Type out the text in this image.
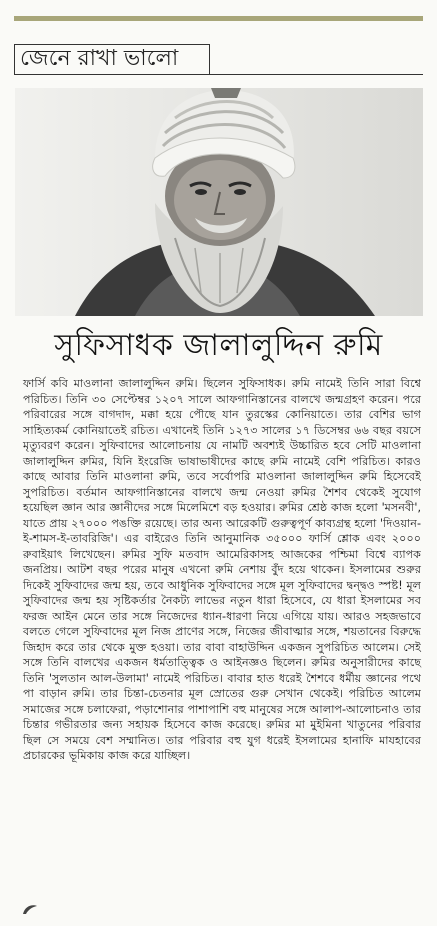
জেনে রাখা ভালো
সুফিসাধক জালালুদ্দিন রুমি

ফার্সি কবি মাওলানা জালালুদ্দিন রুমি। ছিলেন সুফিসাধক। রুমি নামেই তিনি সারা বিশ্বে পরিচিত। তিনি ৩০ সেপ্টেম্বর ১২০৭ সালে আফগানিস্তানের বালখে জন্মগ্রহণ করেন। পরে পরিবারের সঙ্গে বাগদাদ, মক্কা হয়ে পৌছে যান তুরস্কের কোনিয়াতে। তার বেশির ভাগ সাহিত্যকর্ম কোনিয়াতেই রচিত। এখানেই তিনি ১২৭৩ সালের ১৭ ডিসেম্বর ৬৬ বছর বয়সে মৃত্যুবরণ করেন। সুফিবাদের আলোচনায় যে নামটি অবশ্যই উচ্চারিত হবে সেটি মাওলানা জালালুদ্দিন রুমির, যিনি ইংরেজি ভাষাভাষীদের কাছে রুমি নামেই বেশি পরিচিত। কারও কাছে আবার তিনি মাওলানা রুমি, তবে সর্বোপরি মাওলানা জালালুদ্দিন রুমি হিসেবেই সুপরিচিত। বর্তমান আফগানিস্তানের বালখে জন্ম নেওয়া রুমির শৈশব থেকেই সুযোগ হয়েছিল জ্ঞান আর জ্ঞানীদের সঙ্গে মিলেমিশে বড় হওয়ার। রুমির শ্রেষ্ঠ কাজ হলো 'মসনবী', যাতে প্রায় ২৭০০০ পঙক্তি রয়েছে। তার অন্য আরেকটি গুরুত্বপূর্ণ কাব্যগ্রন্থ হলো 'দিওয়ান-ই-শামস-ই-তাবরিজি'। এর বাইরেও তিনি আনুমানিক ৩৫০০০ ফার্সি শ্লোক এবং ২০০০ রুবাইয়াৎ লিখেছেন। রুমির সুফি মতবাদ আমেরিকাসহ আজকের পশ্চিমা বিশ্বে ব্যাপক জনপ্রিয়। আটশ বছর পরের মানুষ এখনো রুমি নেশায় বুঁদ হয়ে থাকেন। ইসলামের শুরুর দিকেই সুফিবাদের জন্ম হয়, তবে আধুনিক সুফিবাদের সঙ্গে মূল সুফিবাদের দ্বন্দ্বও স্পষ্ট! মূল সুফিবাদের জন্ম হয় সৃষ্টিকর্তার নৈকট্য লাভের নতুন ধারা হিসেবে, যে ধারা ইসলামের সব ফরজ আইন মেনে তার সঙ্গে নিজেদের ধ্যান-ধারণা নিয়ে এগিয়ে যায়। আরও সহজভাবে বলতে গেলে সুফিবাদের মূল নিজ প্রাণের সঙ্গে, নিজের জীবাত্মার সঙ্গে, শয়তানের বিরুদ্ধে জিহাদ করে তার থেকে মুক্ত হওয়া। তার বাবা বাহাউদ্দিন একজন সুপরিচিত আলেম। সেই সঙ্গে তিনি বালখের একজন ধর্মতাত্ত্বিক ও আইনজ্ঞও ছিলেন। রুমির অনুসারীদের কাছে তিনি 'সুলতান আল-উলামা' নামেই পরিচিত। বাবার হাত ধরেই শৈশবে ধর্মীয় জ্ঞানের পথে পা বাড়ান রুমি। তার চিন্তা-চেতনার মূল স্রোতের গুরু সেখান থেকেই। পরিচিত আলেম সমাজের সঙ্গে চলাফেরা, পড়াশোনার পাশাপাশি বহু মানুষের সঙ্গে আলাপ-আলোচনাও তার চিন্তার গভীরতার জন্য সহায়ক হিসেবে কাজ করেছে। রুমির মা মুইমিনা খাতুনের পরিবার ছিল সে সময়ে বেশ সম্মানিত। তার পরিবার বহু যুগ ধরেই ইসলামের হানাফি মাযহাবের প্রচারকের ভূমিকায় কাজ করে যাচ্ছিল।
